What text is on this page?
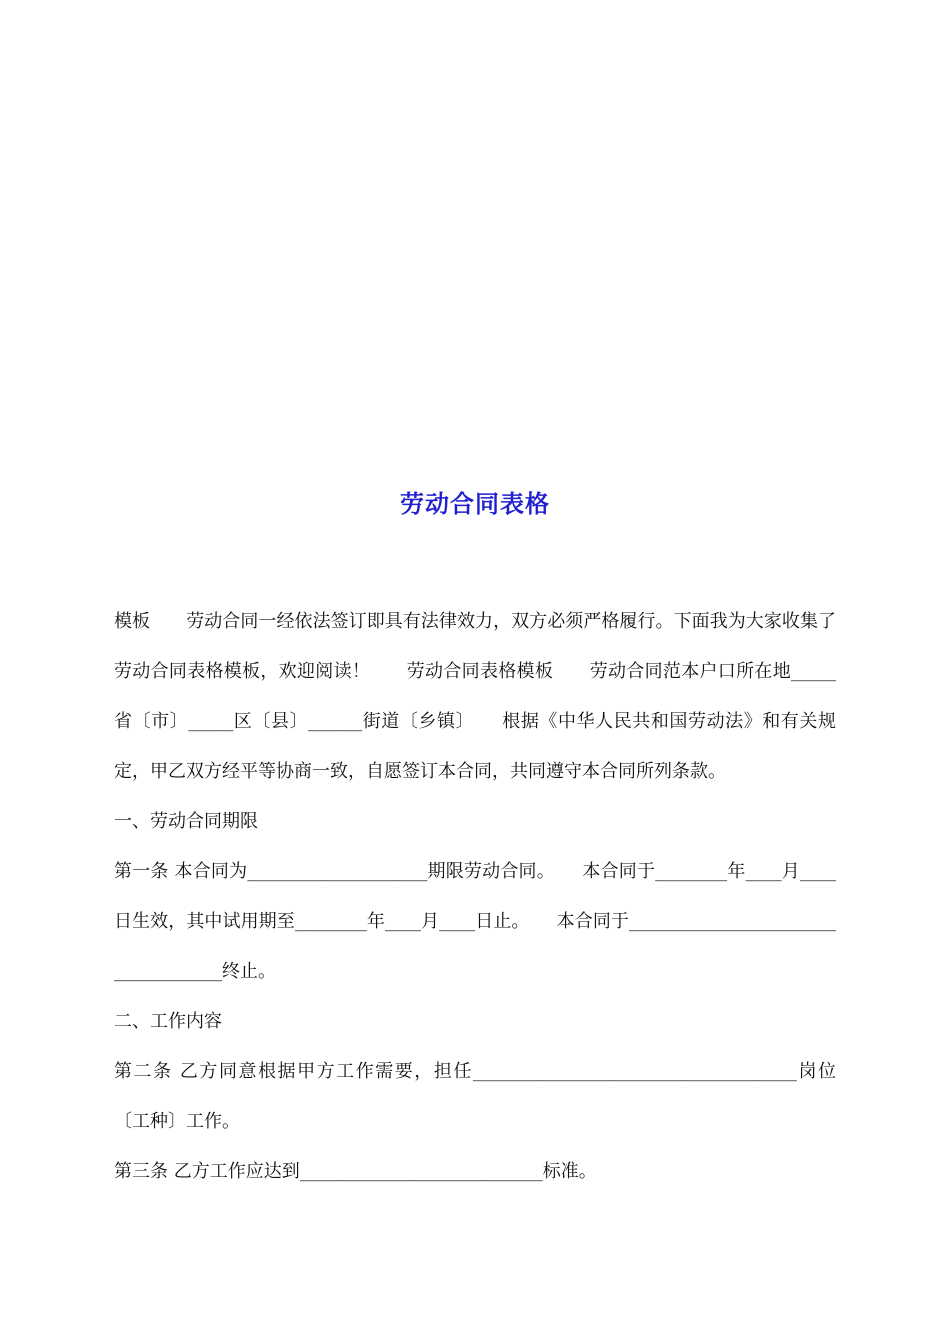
劳动合同表格

模板　　劳动合同一经依法签订即具有法律效力，双方必须严格履行。下面我为大家收集了劳动合同表格模板，欢迎阅读！　　劳动合同表格模板　　劳动合同范本户口所在地_____省〔市〕_____区〔县〕______街道〔乡镇〕　　根据《中华人民共和国劳动法》和有关规定，甲乙双方经平等协商一致，自愿签订本合同，共同遵守本合同所列条款。

一、劳动合同期限

第一条 本合同为____________________期限劳动合同。　　本合同于________年____月____日生效，其中试用期至________年____月____日止。　　本合同于___________________________________终止。

二、工作内容

第二条 乙方同意根据甲方工作需要，担任____________________________________岗位〔工种〕工作。

第三条 乙方工作应达到___________________________标准。
